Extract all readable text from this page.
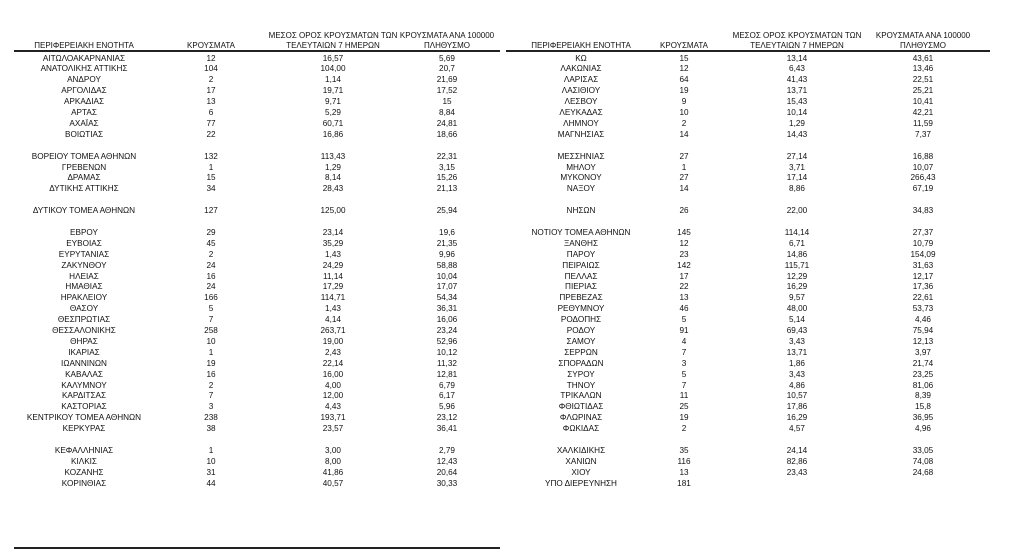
ΠΕΡΙΦΕΡΕΙΑΚΗ ΕΝΟΤΗΤΑ	ΚΡΟΥΣΜΑΤΑ
ΜΕΣΟΣ ΟΡΟΣ ΚΡΟΥΣΜΑΤΩΝ ΤΩΝ ΤΕΛΕΥΤΑΙΩΝ 7 ΗΜΕΡΩΝ
ΚΡΟΥΣΜΑΤΑ ΑΝΑ 100000 ΠΛΗΘΥΣΜΟ
ΑΙΤΩΛΟΑΚΑΡΝΑΝΙΑΣ	12	16,57	5,69
ΑΝΑΤΟΛΙΚΗΣ ΑΤΤΙΚΗΣ	104	104,00	20,7
ΑΝΔΡΟΥ	2	1,14	21,69
ΑΡΓΟΛΙΔΑΣ	17	19,71	17,52
ΑΡΚΑΔΙΑΣ	13	9,71	15
ΑΡΤΑΣ	6	5,29	8,84
ΑΧΑΪΑΣ	77	60,71	24,81
ΒΟΙΩΤΙΑΣ	22	16,86	18,66
ΒΟΡΕΙΟΥ ΤΟΜΕΑ ΑΘΗΝΩΝ	132	113,43	22,31
ΓΡΕΒΕΝΩΝ	1	1,29	3,15
ΔΡΑΜΑΣ	15	8,14	15,26
ΔΥΤΙΚΗΣ ΑΤΤΙΚΗΣ	34	28,43	21,13
ΔΥΤΙΚΟΥ ΤΟΜΕΑ ΑΘΗΝΩΝ	127	125,00	25,94
ΕΒΡΟΥ	29	23,14	19,6
ΕΥΒΟΙΑΣ	45	35,29	21,35
ΕΥΡΥΤΑΝΙΑΣ	2	1,43	9,96
ΖΑΚΥΝΘΟΥ	24	24,29	58,88
ΗΛΕΙΑΣ	16	11,14	10,04
ΗΜΑΘΙΑΣ	24	17,29	17,07
ΗΡΑΚΛΕΙΟΥ	166	114,71	54,34
ΘΑΣΟΥ	5	1,43	36,31
ΘΕΣΠΡΩΤΙΑΣ	7	4,14	16,06
ΘΕΣΣΑΛΟΝΙΚΗΣ	258	263,71	23,24
ΘΗΡΑΣ	10	19,00	52,96
ΙΚΑΡΙΑΣ	1	2,43	10,12
ΙΩΑΝΝΙΝΩΝ	19	22,14	11,32
ΚΑΒΑΛΑΣ	16	16,00	12,81
ΚΑΛΥΜΝΟΥ	2	4,00	6,79
ΚΑΡΔΙΤΣΑΣ	7	12,00	6,17
ΚΑΣΤΟΡΙΑΣ	3	4,43	5,96
ΚΕΝΤΡΙΚΟΥ ΤΟΜΕΑ ΑΘΗΝΩΝ	238	193,71	23,12
ΚΕΡΚΥΡΑΣ	38	23,57	36,41
ΚΕΦΑΛΛΗΝΙΑΣ	1	3,00	2,79
ΚΙΛΚΙΣ	10	8,00	12,43
ΚΟΖΑΝΗΣ	31	41,86	20,64
ΚΟΡΙΝΘΙΑΣ	44	40,57	30,33
ΠΕΡΙΦΕΡΕΙΑΚΗ ΕΝΟΤΗΤΑ	ΚΡΟΥΣΜΑΤΑ
ΜΕΣΟΣ ΟΡΟΣ ΚΡΟΥΣΜΑΤΩΝ ΤΩΝ ΤΕΛΕΥΤΑΙΩΝ 7 ΗΜΕΡΩΝ
ΚΡΟΥΣΜΑΤΑ ΑΝΑ 100000 ΠΛΗΘΥΣΜΟ
ΚΩ	15	13,14	43,61
ΛΑΚΩΝΙΑΣ	12	6,43	13,46
ΛΑΡΙΣΑΣ	64	41,43	22,51
ΛΑΣΙΘΙΟΥ	19	13,71	25,21
ΛΕΣΒΟΥ	9	15,43	10,41
ΛΕΥΚΑΔΑΣ	10	10,14	42,21
ΛΗΜΝΟΥ	2	1,29	11,59
ΜΑΓΝΗΣΙΑΣ	14	14,43	7,37
ΜΕΣΣΗΝΙΑΣ	27	27,14	16,88
ΜΗΛΟΥ	1	3,71	10,07
ΜΥΚΟΝΟΥ	27	17,14	266,43
ΝΑΞΟΥ	14	8,86	67,19
ΝΗΣΩΝ	26	22,00	34,83
ΝΟΤΙΟΥ ΤΟΜΕΑ ΑΘΗΝΩΝ	145	114,14	27,37
ΞΑΝΘΗΣ	12	6,71	10,79
ΠΑΡΟΥ	23	14,86	154,09
ΠΕΙΡΑΙΩΣ	142	115,71	31,63
ΠΕΛΛΑΣ	17	12,29	12,17
ΠΙΕΡΙΑΣ	22	16,29	17,36
ΠΡΕΒΕΖΑΣ	13	9,57	22,61
ΡΕΘΥΜΝΟΥ	46	48,00	53,73
ΡΟΔΟΠΗΣ	5	5,14	4,46
ΡΟΔΟΥ	91	69,43	75,94
ΣΑΜΟΥ	4	3,43	12,13
ΣΕΡΡΩΝ	7	13,71	3,97
ΣΠΟΡΑΔΩΝ	3	1,86	21,74
ΣΥΡΟΥ	5	3,43	23,25
ΤΗΝΟΥ	7	4,86	81,06
ΤΡΙΚΑΛΩΝ	11	10,57	8,39
ΦΘΙΩΤΙΔΑΣ	25	17,86	15,8
ΦΛΩΡΙΝΑΣ	19	16,29	36,95
ΦΩΚΙΔΑΣ	2	4,57	4,96
ΧΑΛΚΙΔΙΚΗΣ	35	24,14	33,05
ΧΑΝΙΩΝ	116	82,86	74,08
ΧΙΟΥ	13	23,43	24,68
ΥΠΟ ΔΙΕΡΕΥΝΗΣΗ	181
